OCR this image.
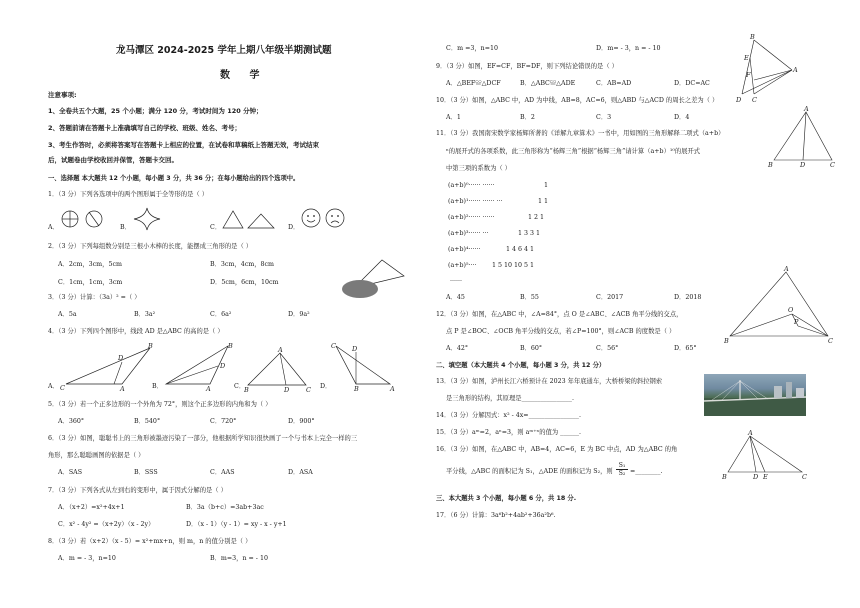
龙马潭区 2024-2025 学年上期八年级半期测试题
数 学
注意事项:
1、全卷共五个大题，25 个小题；满分 120 分，考试时间为 120 分钟；
2、答题前请在答题卡上准确填写自己的学校、班级、姓名、考号；
3、考生作答时，必须将答案写在答题卡上相应的位置，在试卷和草稿纸上答题无效，考试结束
后，试题卷由学校收回并保管，答题卡交回。
一、选择题 本大题共 12 个小题，每小题 3 分，共 36 分；在每小题给出的四个选项中。
1．（3 分）下列各选项中的两个图形属于全等形的是（ ）
A．	B．	C．	D．
2．（3 分）下列每组数分别是三根小木棒的长度，能摆成三角形的是（ ）
A．2cm，3cm，5cm	B．3cm，4cm，8cm
C．1cm，1cm，3cm	D．5cm，6cm，10cm
3．（3 分）计算：（3a）² =（ ）
A．5a	B．3a²	C．6a²	D．9a²
4．（3 分）下列四个图形中，线段 AD 是△ABC 的高的是（ ）
A． C
B
D
A	B．
B
D
A	C．
A
B	D	C D．
C D
B	A
5．（3 分）若一个正多边形的一个外角为 72°，则这个正多边形的内角和为（ ）
A．360°	B．540°	C．720°	D．900°
6．（3 分）如图，聪聪书上的三角形被墨迹污染了一部分，他根据所学知识很快画了一个与书本上完全一样的三
角形，那么聪聪画图的依据是（ ）
A．SAS	B．SSS	C．AAS	D．ASA
7．（3 分）下列各式从左到右的变形中，属于因式分解的是（ ）
A．（x+2）=x²+4x+1	B．3a（b+c）=3ab+3ac
C．x² - 4y² =（x+2y）（x - 2y）	D．（x - 1）（y - 1）= xy - x - y+1
8．（3 分）若（x+2）（x - 5）= x²+mx+n，则 m，n 的值分别是（ ）
A．m = - 3，n=10	B．m=3，n = - 10
C．m =3，n=10	D．m= - 3，n = - 10
B
A
E
F
D C
9．（3 分）如图，EF=CF，BF=DF，则下列结论错误的是（ ）
A．△BEF≌△DCF	B．△ABC≌△ADE	C．AB=AD	D．DC=AC
10．（3 分）如图，△ABC 中，AD 为中线，AB=8，AC=6，则△ABD 与△ACD 的周长之差为（ ）
A．1	B．2	C．3	D．4
A
B	D	C
11．（3 分）我国南宋数学家杨辉所著的《详解九章算术》一书中，用如图的三角形解释二项式（a+b）
ⁿ的展开式的各项系数，此三角形称为“杨辉三角”根据“杨辉三角”请计算（a+b）¹⁰的展开式
中第三项的系数为（ ）
(a+b)⁰······ ······	1
(a+b)¹······ ······ ···	1 1
(a+b)²······ ······	1 2 1
(a+b)³······ ···	1 3 3 1
(a+b)⁴······	1 4 6 4 1
(a+b)⁵···· 1 5 10 10 5 1
······
A．45	B．55	C．2017	D．2018
A
O
P
B	C
12．（3 分）如图，在△ABC 中，∠A=84°，点 O 是∠ABC、∠ACB 角平分线的交点，
点 P 是∠BOC、∠OCB 角平分线的交点，若∠P=100°，则∠ACB 的度数是（ ）
A．42°	B．60°	C．56°	D．65°
二、填空题（本大题共 4 个小题，每小题 3 分，共 12 分）
13．（3 分）如图，泸州长江六桥预计在 2023 年年底通车，大桥桥梁的斜拉钢索
是三角形的结构，其原理是________________.
14．（3 分）分解因式：x² - 4x=________________.
15．（3 分）aᵐ=2，aⁿ=3，则 aᵐ⁺ⁿ的值为 ______.	A
B	D E	C
16．（3 分）如图，在△ABC 中，AB=4，AC=6，E 为 BC 中点，AD 为△ABC 的角
平分线，△ABC 的面积记为 S₁，△ADE 的面积记为 S₂，则 $\frac{\text{S₁}}{\text{S₂}}$ =________.
三、本大题共 3 个小题，每小题 6 分，共 18 分.
17．（6 分）计算：3a⁶b²+4ab²+36a²b⁶.
